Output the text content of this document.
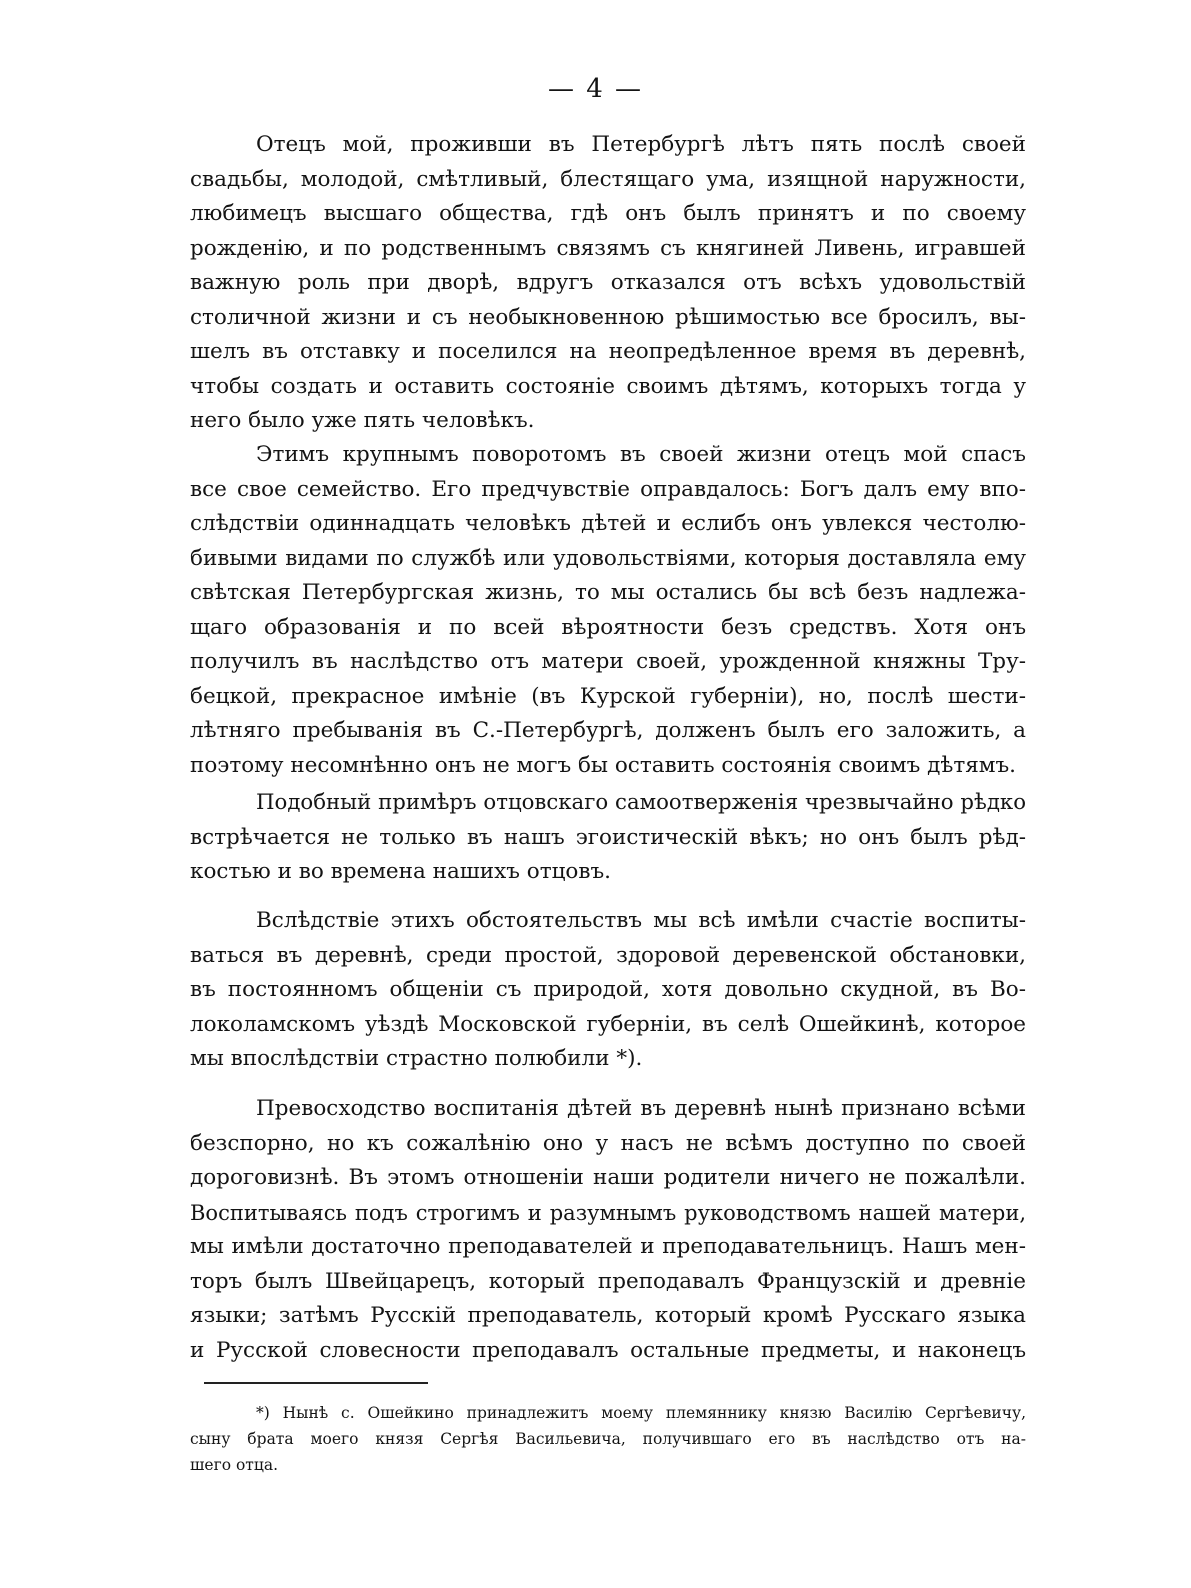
— 4 —
Отецъ мой, проживши въ Петербургѣ лѣтъ пять послѣ своей
свадьбы, молодой, смѣтливый, блестящаго ума, изящной наружности,
любимецъ высшаго общества, гдѣ онъ былъ принятъ и по своему
рожденію, и по родственнымъ связямъ съ княгиней Ливень, игравшей
важную роль при дворѣ, вдругъ отказался отъ всѣхъ удовольствій
столичной жизни и съ необыкновенною рѣшимостью все бросилъ, вы-
шелъ въ отставку и поселился на неопредѣленное время въ деревнѣ,
чтобы создать и оставить состояніе своимъ дѣтямъ, которыхъ тогда у
него было уже пять человѣкъ.
Этимъ крупнымъ поворотомъ въ своей жизни отецъ мой спасъ
все свое семейство. Его предчувствіе оправдалось: Богъ далъ ему впо-
слѣдствіи одиннадцать человѣкъ дѣтей и еслибъ онъ увлекся честолю-
бивыми видами по службѣ или удовольствіями, которыя доставляла ему
свѣтская Петербургская жизнь, то мы остались бы всѣ безъ надлежа-
щаго образованія и по всей вѣроятности безъ средствъ. Хотя онъ
получилъ въ наслѣдство отъ матери своей, урожденной княжны Тру-
бецкой, прекрасное имѣніе (въ Курской губерніи), но, послѣ шести-
лѣтняго пребыванія въ С.-Петербургѣ, долженъ былъ его заложить, а
поэтому несомнѣнно онъ не могъ бы оставить состоянія своимъ дѣтямъ.
Подобный примѣръ отцовскаго самоотверженія чрезвычайно рѣдко
встрѣчается не только въ нашъ эгоистическій вѣкъ; но онъ былъ рѣд-
костью и во времена нашихъ отцовъ.
Вслѣдствіе этихъ обстоятельствъ мы всѣ имѣли счастіе воспиты-
ваться въ деревнѣ, среди простой, здоровой деревенской обстановки,
въ постоянномъ общеніи съ природой, хотя довольно скудной, въ Во-
локоламскомъ уѣздѣ Московской губерніи, въ селѣ Ошейкинѣ, которое
мы впослѣдствіи страстно полюбили *).
Превосходство воспитанія дѣтей въ деревнѣ нынѣ признано всѣми
безспорно, но къ сожалѣнію оно у насъ не всѣмъ доступно по своей
дороговизнѣ. Въ этомъ отношеніи наши родители ничего не пожалѣли.
Воспитываясь подъ строгимъ и разумнымъ руководствомъ нашей матери,
мы имѣли достаточно преподавателей и преподавательницъ. Нашъ мен-
торъ былъ Швейцарецъ, который преподавалъ Французскій и древніе
языки; затѣмъ Русскій преподаватель, который кромѣ Русскаго языка
и Русской словесности преподавалъ остальные предметы, и наконецъ
*) Нынѣ с. Ошейкино принадлежитъ моему племяннику князю Василію Сергѣевичу,
сыну брата моего князя Сергѣя Васильевича, получившаго его въ наслѣдство отъ на-
шего отца.
